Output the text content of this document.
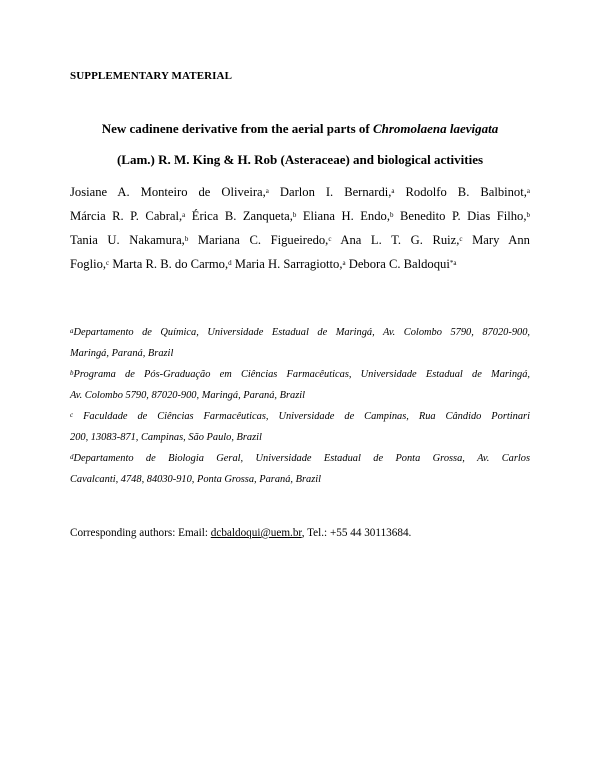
SUPPLEMENTARY MATERIAL
New cadinene derivative from the aerial parts of Chromolaena laevigata
(Lam.) R. M. King & H. Rob (Asteraceae) and biological activities
Josiane A. Monteiro de Oliveira,$^a$ Darlon I. Bernardi,$^a$ Rodolfo B. Balbinot,$^a$
Márcia R. P. Cabral,$^a$ Érica B. Zanqueta,$^b$ Eliana H. Endo,$^b$ Benedito P. Dias Filho,$^b$
Tania U. Nakamura,$^b$ Mariana C. Figueiredo,$^c$ Ana L. T. G. Ruiz,$^c$ Mary Ann
Foglio,$^c$ Marta R. B. do Carmo,$^d$ Maria H. Sarragiotto,$^a$ Debora C. Baldoqui$^{*a}$
$^a$Departamento de Química, Universidade Estadual de Maringá, Av. Colombo 5790, 87020-900,
Maringá, Paraná, Brazil
$^b$Programa de Pós-Graduação em Ciências Farmacêuticas, Universidade Estadual de Maringá,
Av. Colombo 5790, 87020-900, Maringá, Paraná, Brazil
$^c$ Faculdade de Ciências Farmacêuticas, Universidade de Campinas, Rua Cândido Portinari
200, 13083-871, Campinas, São Paulo, Brazil
$^d$Departamento de Biologia Geral, Universidade Estadual de Ponta Grossa, Av. Carlos
Cavalcanti, 4748, 84030-910, Ponta Grossa, Paraná, Brazil
Corresponding authors: Email: dcbaldoqui@uem.br, Tel.: +55 44 30113684.
